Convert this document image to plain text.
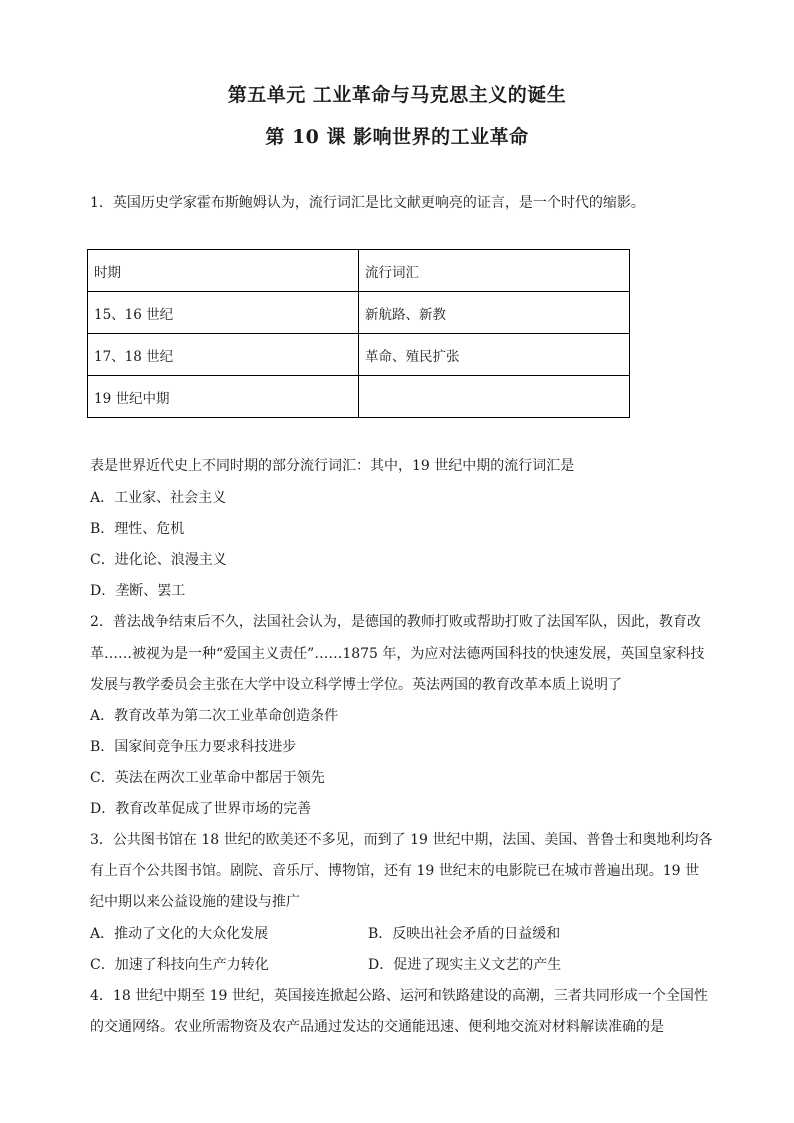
第五单元 工业革命与马克思主义的诞生
第 10 课 影响世界的工业革命
1．英国历史学家霍布斯鲍姆认为，流行词汇是比文献更响亮的证言，是一个时代的缩影。
时期	流行词汇
15、16 世纪	新航路、新教
17、18 世纪	革命、殖民扩张
19 世纪中期	
表是世界近代史上不同时期的部分流行词汇：其中，19 世纪中期的流行词汇是
A．工业家、社会主义
B．理性、危机
C．进化论、浪漫主义
D．垄断、罢工
2．普法战争结束后不久，法国社会认为，是德国的教师打败或帮助打败了法国军队，因此，教育改
革……被视为是一种“爱国主义责任”……1875 年，为应对法德两国科技的快速发展，英国皇家科技
发展与教学委员会主张在大学中设立科学博士学位。英法两国的教育改革本质上说明了
A．教育改革为第二次工业革命创造条件
B．国家间竞争压力要求科技进步
C．英法在两次工业革命中都居于领先
D．教育改革促成了世界市场的完善
3．公共图书馆在 18 世纪的欧美还不多见，而到了 19 世纪中期，法国、美国、普鲁士和奥地利均各
有上百个公共图书馆。剧院、音乐厅、博物馆，还有 19 世纪末的电影院已在城市普遍出现。19 世
纪中期以来公益设施的建设与推广
A．推动了文化的大众化发展	B．反映出社会矛盾的日益缓和
C．加速了科技向生产力转化	D．促进了现实主义文艺的产生
4．18 世纪中期至 19 世纪，英国接连掀起公路、运河和铁路建设的高潮，三者共同形成一个全国性
的交通网络。农业所需物资及农产品通过发达的交通能迅速、便利地交流对材料解读准确的是
